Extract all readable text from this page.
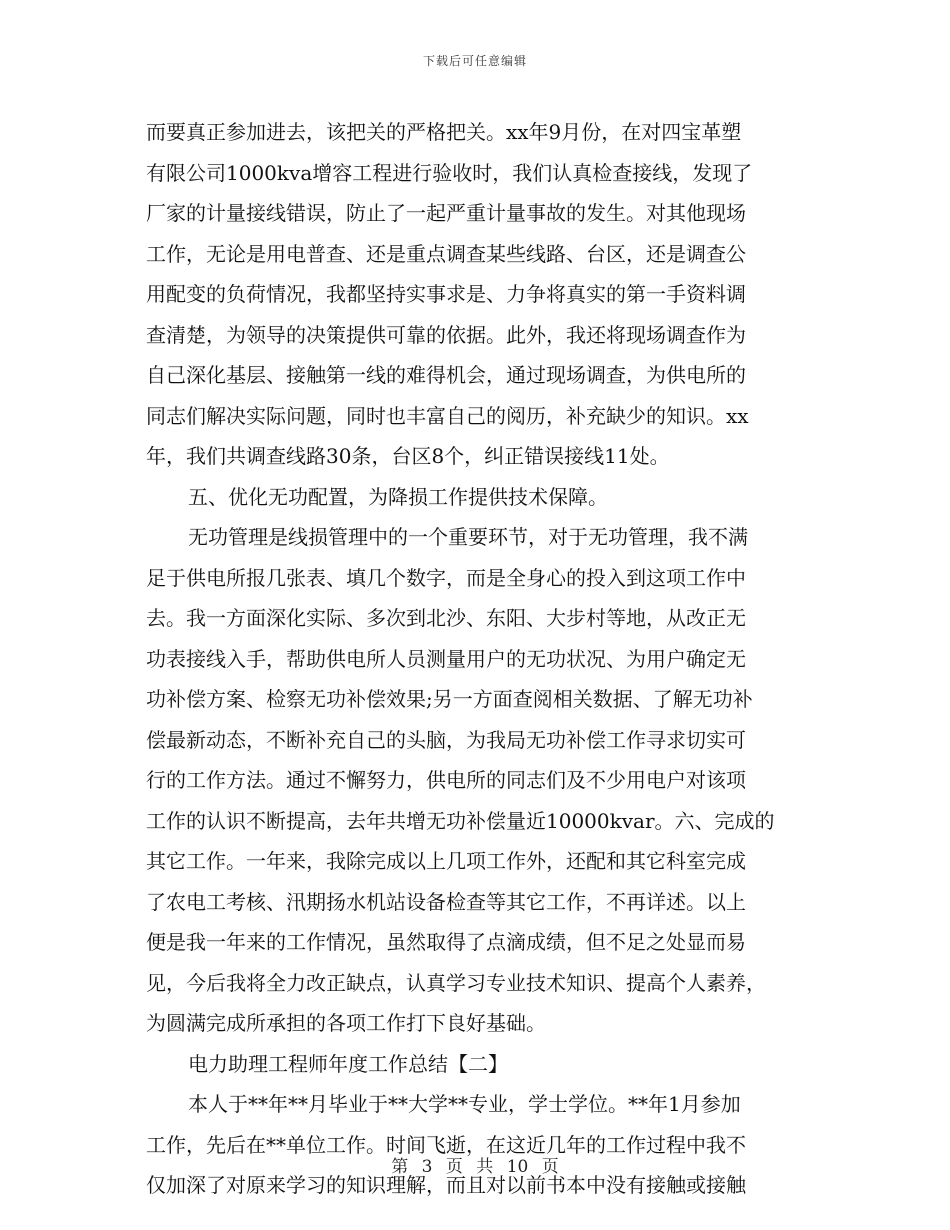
下载后可任意编辑
而要真正参加进去，该把关的严格把关。xx年9月份，在对四宝革塑
有限公司1000kva增容工程进行验收时，我们认真检查接线，发现了
厂家的计量接线错误，防止了一起严重计量事故的发生。对其他现场
工作，无论是用电普查、还是重点调查某些线路、台区，还是调查公
用配变的负荷情况，我都坚持实事求是、力争将真实的第一手资料调
查清楚，为领导的决策提供可靠的依据。此外，我还将现场调查作为
自己深化基层、接触第一线的难得机会，通过现场调查，为供电所的
同志们解决实际问题，同时也丰富自己的阅历，补充缺少的知识。xx
年，我们共调查线路30条，台区8个，纠正错误接线11处。
五、优化无功配置，为降损工作提供技术保障。
无功管理是线损管理中的一个重要环节，对于无功管理，我不满
足于供电所报几张表、填几个数字，而是全身心的投入到这项工作中
去。我一方面深化实际、多次到北沙、东阳、大步村等地，从改正无
功表接线入手，帮助供电所人员测量用户的无功状况、为用户确定无
功补偿方案、检察无功补偿效果;另一方面查阅相关数据、了解无功补
偿最新动态，不断补充自己的头脑，为我局无功补偿工作寻求切实可
行的工作方法。通过不懈努力，供电所的同志们及不少用电户对该项
工作的认识不断提高，去年共增无功补偿量近10000kvar。六、完成的
其它工作。一年来，我除完成以上几项工作外，还配和其它科室完成
了农电工考核、汛期扬水机站设备检查等其它工作，不再详述。以上
便是我一年来的工作情况，虽然取得了点滴成绩，但不足之处显而易
见，今后我将全力改正缺点，认真学习专业技术知识、提高个人素养，
为圆满完成所承担的各项工作打下良好基础。
电力助理工程师年度工作总结【二】
本人于**年**月毕业于**大学**专业，学士学位。**年1月参加
工作，先后在**单位工作。时间飞逝，在这近几年的工作过程中我不
仅加深了对原来学习的知识理解，而且对以前书本中没有接触或接触
第 3 页 共 10 页
